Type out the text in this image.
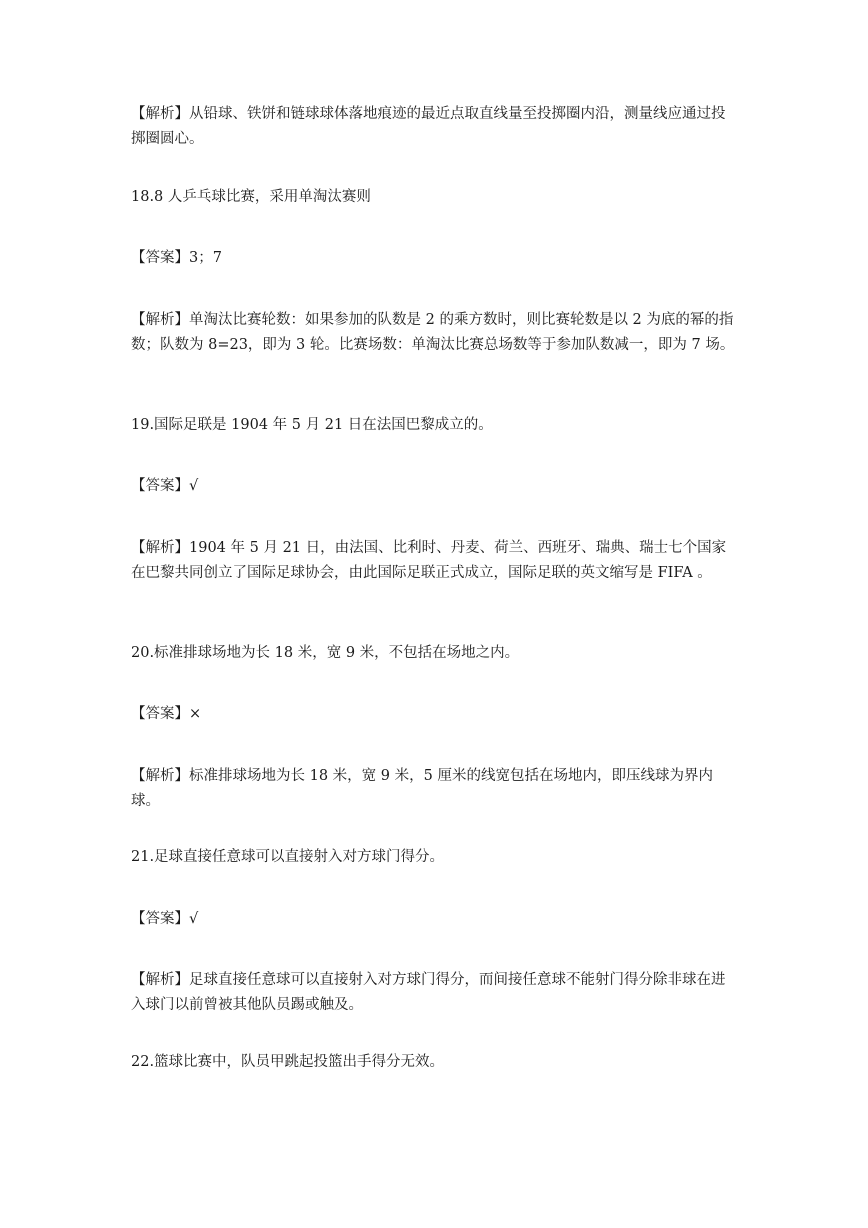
【解析】从铅球、铁饼和链球球体落地痕迹的最近点取直线量至投掷圈内沿，测量线应通过投掷圈圆心。

18.8 人乒乓球比赛，采用单淘汰赛则

【答案】3；7

【解析】单淘汰比赛轮数：如果参加的队数是 2 的乘方数时，则比赛轮数是以 2 为底的幂的指数；队数为 8=23，即为 3 轮。比赛场数：单淘汰比赛总场数等于参加队数减一，即为 7 场。

19.国际足联是 1904 年 5 月 21 日在法国巴黎成立的。

【答案】√

【解析】1904 年 5 月 21 日，由法国、比利时、丹麦、荷兰、西班牙、瑞典、瑞士七个国家在巴黎共同创立了国际足球协会，由此国际足联正式成立，国际足联的英文缩写是 FIFA 。

20.标准排球场地为长 18 米，宽 9 米，不包括在场地之内。

【答案】×

【解析】标准排球场地为长 18 米，宽 9 米，5 厘米的线宽包括在场地内，即压线球为界内球。

21.足球直接任意球可以直接射入对方球门得分。

【答案】√

【解析】足球直接任意球可以直接射入对方球门得分，而间接任意球不能射门得分除非球在进入球门以前曾被其他队员踢或触及。

22.篮球比赛中，队员甲跳起投篮出手得分无效。
